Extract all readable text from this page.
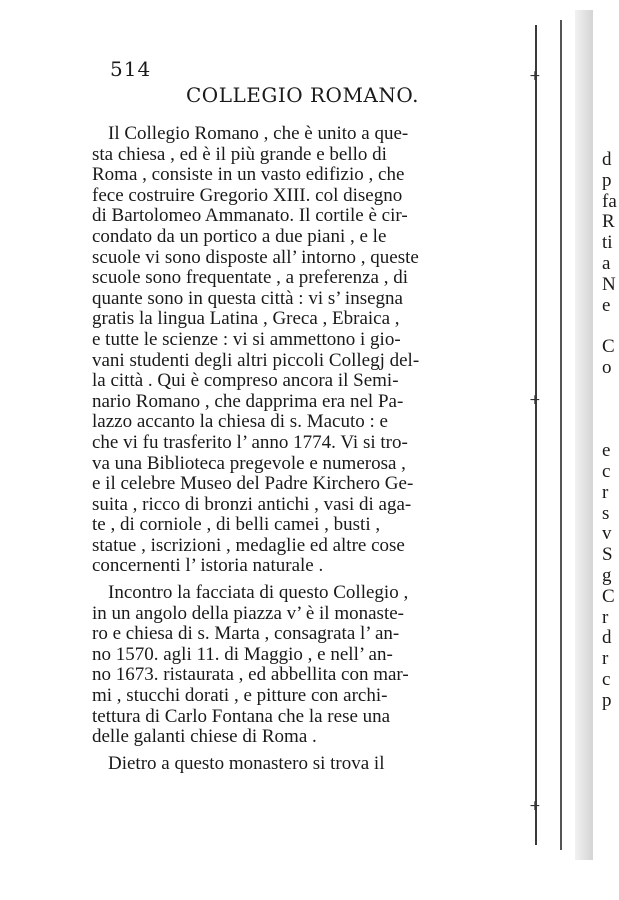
514
COLLEGIO ROMANO.
Il Collegio Romano , che è unito a que-
sta chiesa , ed è il più grande e bello di
Roma , consiste in un vasto edifizio , che
fece costruire Gregorio XIII. col disegno
di Bartolomeo Ammanato. Il cortile è cir-
condato da un portico a due piani , e le
scuole vi sono disposte all’ intorno , queste
scuole sono frequentate , a preferenza , di
quante sono in questa città : vi s’ insegna
gratis la lingua Latina , Greca , Ebraica ,
e tutte le scienze : vi si ammettono i gio-
vani studenti degli altri piccoli Collegj del-
la città . Qui è compreso ancora il Semi-
nario Romano , che dapprima era nel Pa-
lazzo accanto la chiesa di s. Macuto : e
che vi fu trasferito l’ anno 1774. Vi si tro-
va una Biblioteca pregevole e numerosa ,
e il celebre Museo del Padre Kirchero Ge-
suita , ricco di bronzi antichi , vasi di aga-
te , di corniole , di belli camei , busti ,
statue , iscrizioni , medaglie ed altre cose
concernenti l’ istoria naturale .
Incontro la facciata di questo Collegio ,
in un angolo della piazza v’ è il monaste-
ro e chiesa di s. Marta , consagrata l’ an-
no 1570. agli 11. di Maggio , e nell’ an-
no 1673. ristaurata , ed abbellita con mar-
mi , stucchi dorati , e pitture con archi-
tettura di Carlo Fontana che la rese una
delle galanti chiese di Roma .
Dietro a questo monastero si trova il
+
+
+
d
p
fa
R
ti
a
N
e
C
o
e
c
r
s
v
S
g
C
r
d
r
c
p
